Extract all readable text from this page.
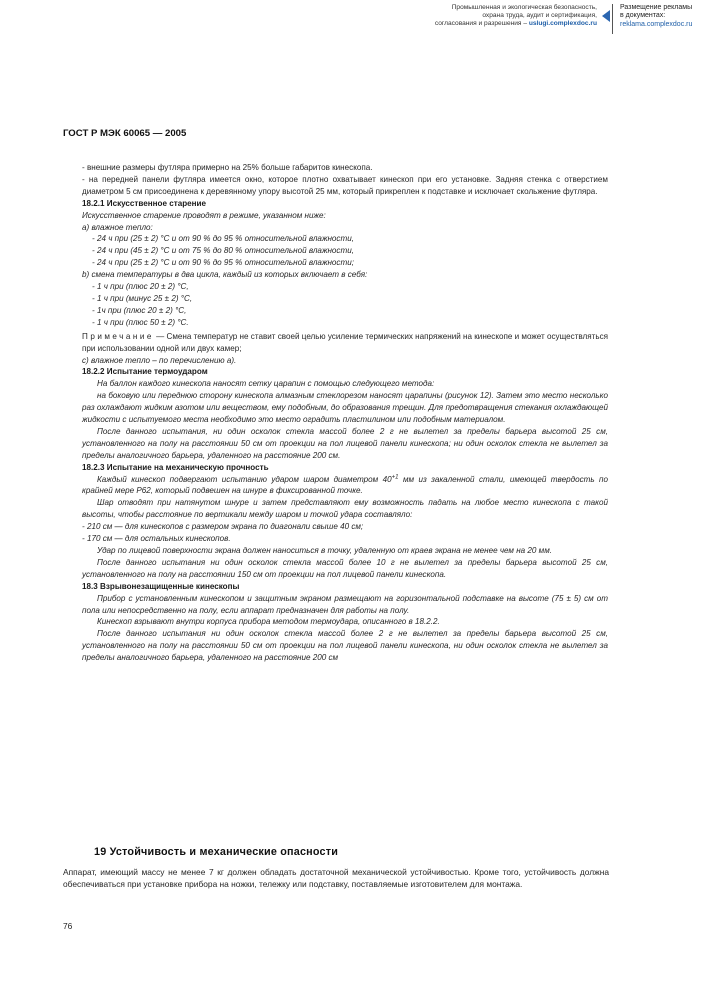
Промышленная и экологическая безопасность,
охрана труда, аудит и сертификация,
согласования и разрешения – uslugi.complexdoc.ru
Размещение рекламы
в документах:
reklama.complexdoc.ru
ГОСТ Р МЭК 60065 — 2005

- внешние размеры футляра примерно на 25% больше габаритов кинескопа.

- на передней панели футляра имеется окно, которое плотно охватывает кинескоп при его установке. Задняя стенка с отверстием диаметром 5 см присоединена к деревянному упору высотой 25 мм, который прикреплен к подставке и исключает скольжение футляра.

18.2.1 Искусственное старение

Искусственное старение проводят в режиме, указанном ниже:

а) влажное тепло:

- 24 ч при (25 ± 2) °С и от 90 % до 95 % относительной влажности,

- 24 ч при (45 ± 2) °С и от 75 % до 80 % относительной влажности,

- 24 ч при (25 ± 2) °С и от 90 % до 95 % относительной влажности;

b) смена температуры в два цикла, каждый из которых включает в себя:

- 1 ч при (плюс 20 ± 2) °С,

- 1 ч при (минус 25 ± 2) °С,

- 1ч при (плюс 20 ± 2) °С,

- 1 ч при (плюс 50 ± 2) °С.

Примечание — Смена температур не ставит своей целью усиление термических напряжений на кинескопе и может осуществляться при использовании одной или двух камер;

с) влажное тепло – по перечислению а).

18.2.2 Испытание термоударом

На баллон каждого кинескопа наносят сетку царапин с помощью следующего метода:

на боковую или переднюю сторону кинескопа алмазным стеклорезом наносят царапины (рисунок 12). Затем это место несколько раз охлаждают жидким азотом или веществом, ему подобным, до образования трещин. Для предотвращения стекания охлаждающей жидкости с испытуемого места необходимо это место оградить пластилином или подобным материалом.

После данного испытания, ни один осколок стекла массой более 2 г не вылетел за пределы барьера высотой 25 см, установленного на полу на расстоянии 50 см от проекции на пол лицевой панели кинескопа; ни один осколок стекла не вылетел за пределы аналогичного барьера, удаленного на расстояние 200 см.

18.2.3 Испытание на механическую прочность

Каждый кинескоп подвергают испытанию ударом шаром диаметром $40^{+1}$ мм из закаленной стали, имеющей твердость по крайней мере Р62, который подвешен на шнуре в фиксированной точке.

Шар отводят при натянутом шнуре и затем представляют ему возможность падать на любое место кинескопа с такой высоты, чтобы расстояние по вертикали между шаром и точкой удара составляло:

- 210 см — для кинескопов с размером экрана по диагонали свыше 40 см;

- 170 см — для остальных кинескопов.

Удар по лицевой поверхности экрана должен наноситься в точку, удаленную от краев экрана не менее чем на 20 мм.

После данного испытания ни один осколок стекла массой более 10 г не вылетел за пределы барьера высотой 25 см, установленного на полу на расстоянии 150 см от проекции на пол лицевой панели кинескопа.

18.3 Взрывонезащищенные кинескопы

Прибор с установленным кинескопом и защитным экраном размещают на горизонтальной подставке на высоте (75 ± 5) см от пола или непосредственно на полу, если аппарат предназначен для работы на полу.

Кинескоп взрывают внутри корпуса прибора методом термоудара, описанного в 18.2.2.

После данного испытания ни один осколок стекла массой более 2 г не вылетел за пределы барьера высотой 25 см, установленного на полу на расстоянии 50 см от проекции на пол лицевой панели кинескопа, ни один осколок стекла не вылетел за пределы аналогичного барьера, удаленного на расстояние 200 см

19 Устойчивость и механические опасности

Аппарат, имеющий массу не менее 7 кг должен обладать достаточной механической устойчивостью. Кроме того, устойчивость должна обеспечиваться при установке прибора на ножки, тележку или подставку, поставляемые изготовителем для монтажа.

76
